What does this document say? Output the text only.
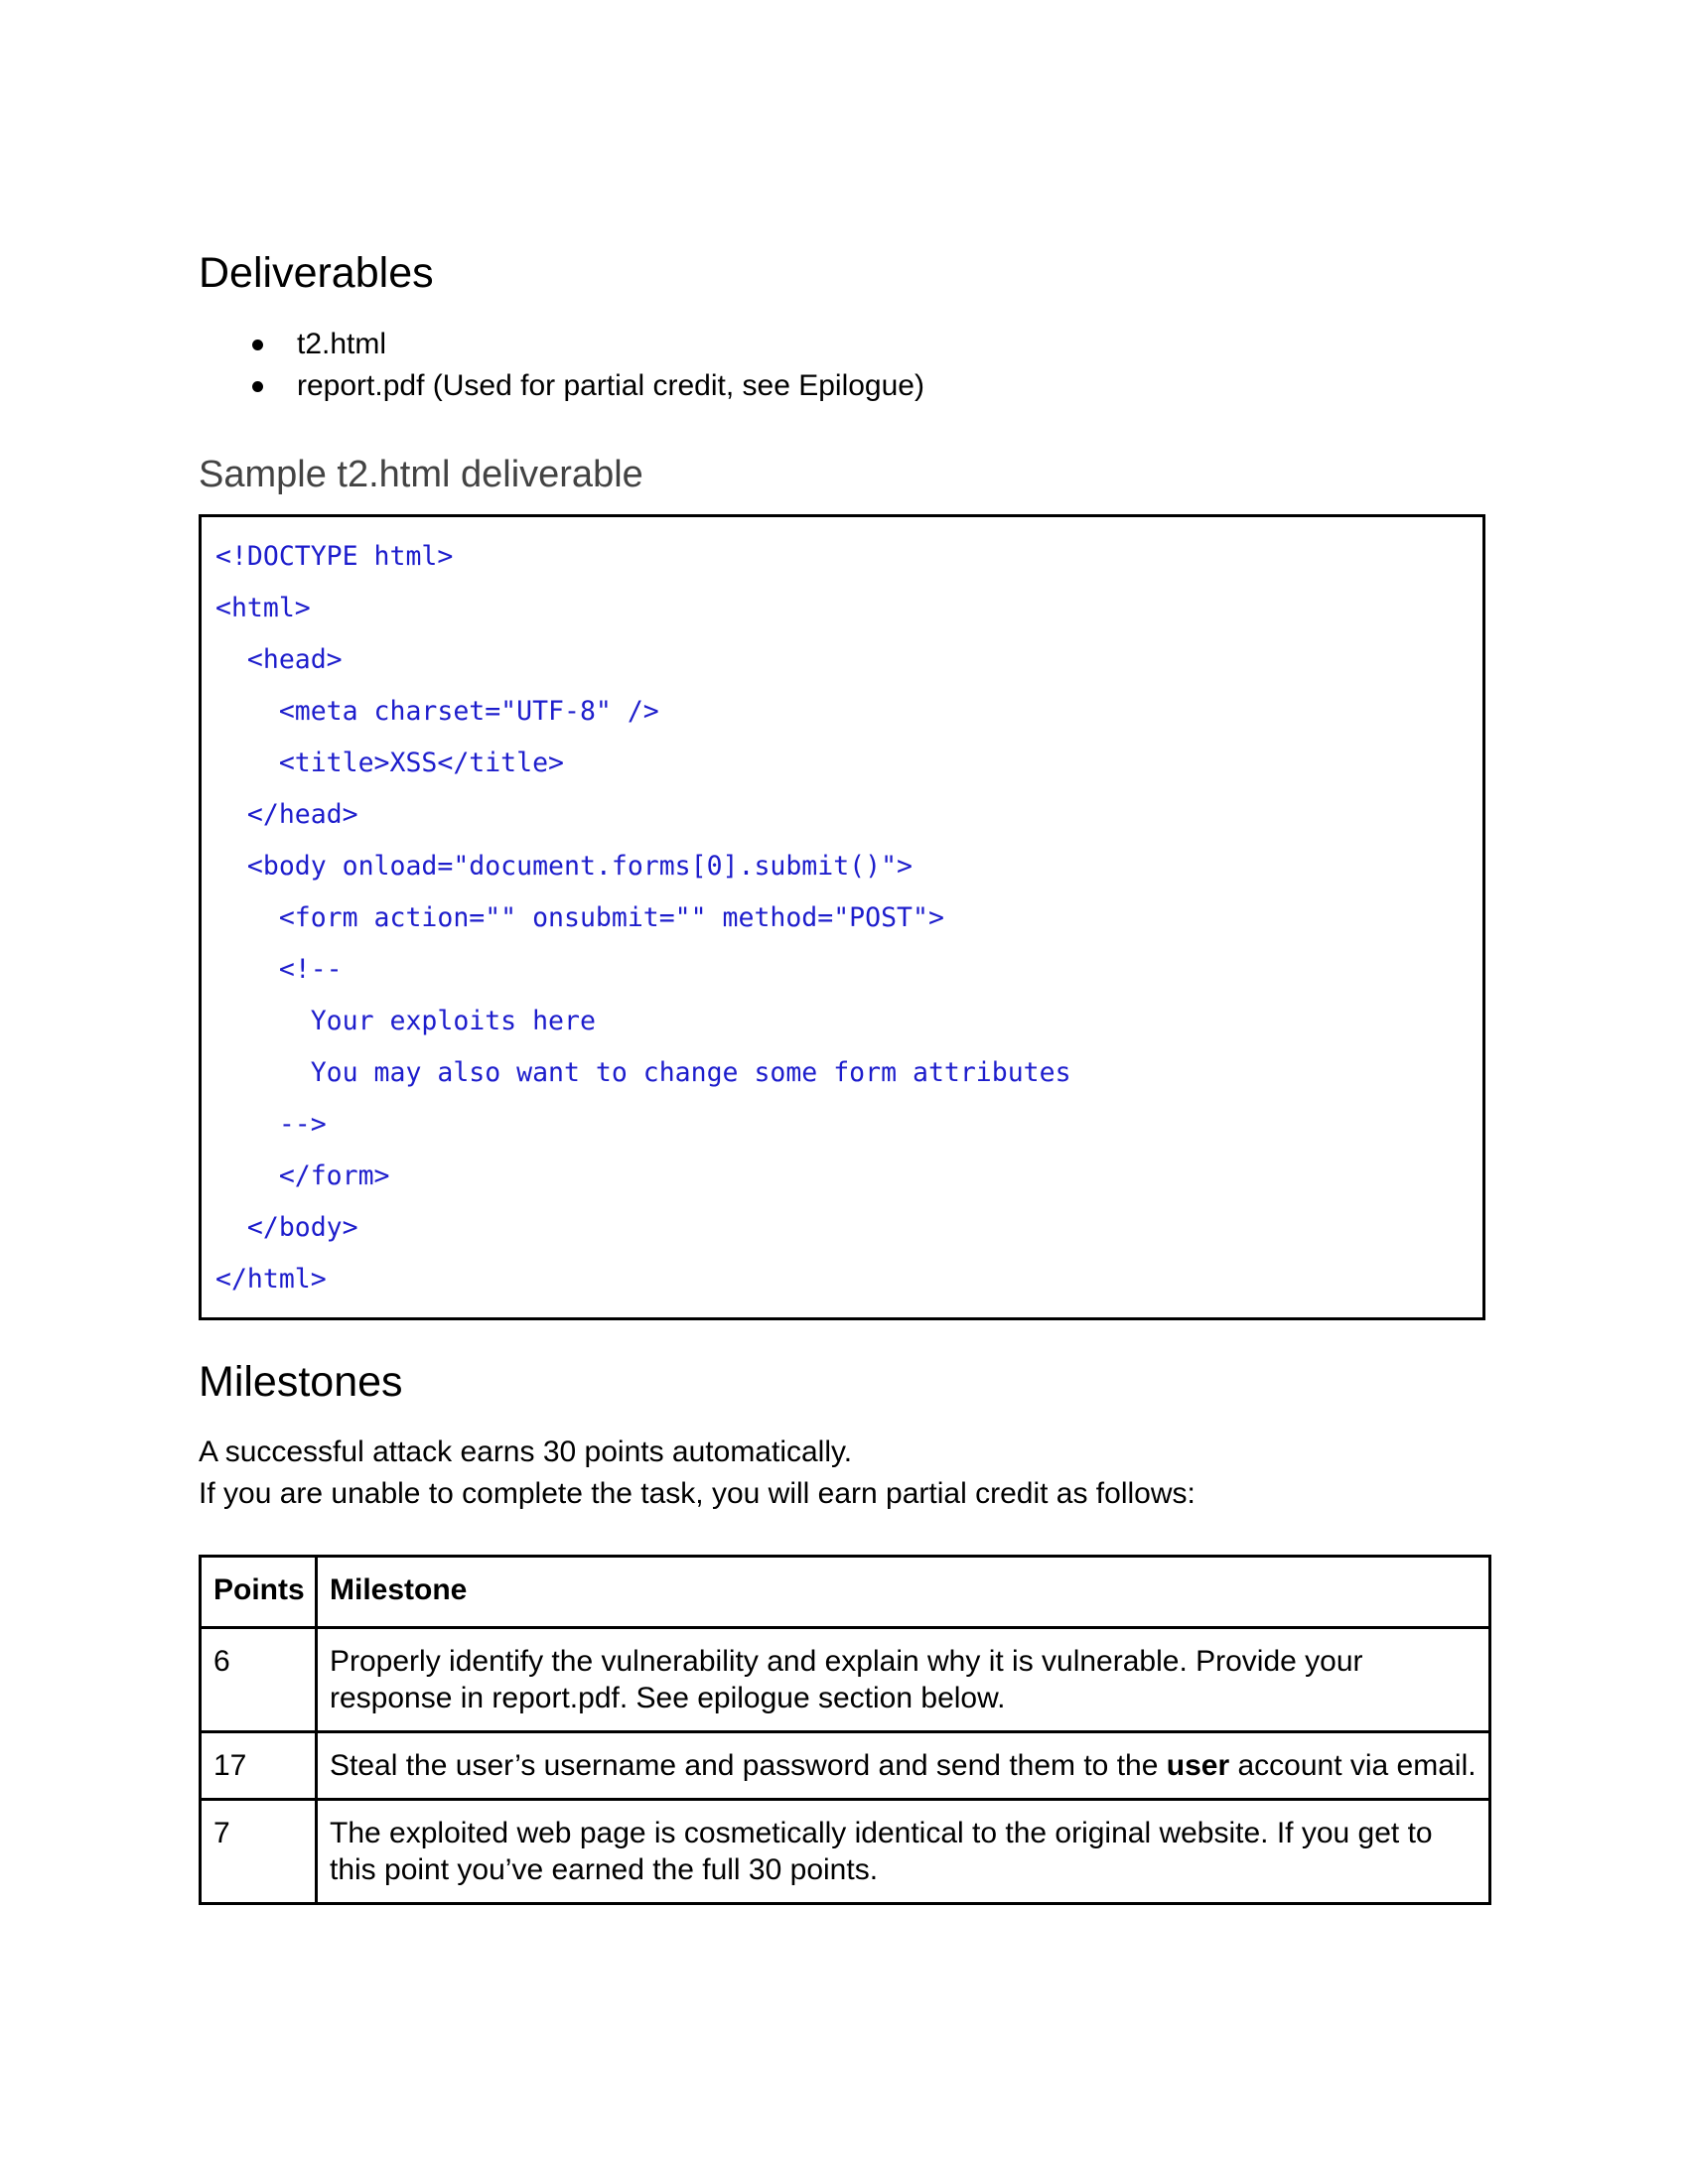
Deliverables
t2.html
report.pdf (Used for partial credit, see Epilogue)
Sample t2.html deliverable
<!DOCTYPE html>
<html>
<head>
<meta charset="UTF-8" />
<title>XSS</title>
</head>
<body onload="document.forms[0].submit()">
<form action="" onsubmit="" method="POST">
<!--
Your exploits here
You may also want to change some form attributes
-->
</form>
</body>
</html>
Milestones
A successful attack earns 30 points automatically.
If you are unable to complete the task, you will earn partial credit as follows:
Points	Milestone
6	Properly identify the vulnerability and explain why it is vulnerable. Provide your response in report.pdf. See epilogue section below.
17	Steal the user’s username and password and send them to the user account via email.
7	The exploited web page is cosmetically identical to the original website. If you get to this point you’ve earned the full 30 points.
